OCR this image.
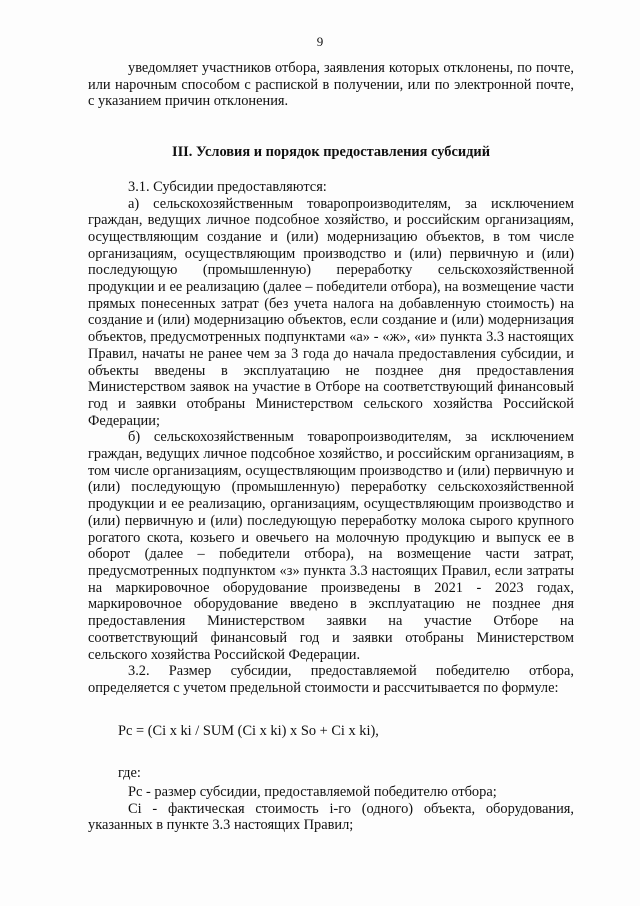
9

уведомляет участников отбора, заявления которых отклонены, по почте, или нарочным способом с распиской в получении, или по электронной почте, с указанием причин отклонения.

III. Условия и порядок предоставления субсидий

3.1. Субсидии предоставляются:

а) сельскохозяйственным товаропроизводителям, за исключением граждан, ведущих личное подсобное хозяйство, и российским организациям, осуществляющим создание и (или) модернизацию объектов, в том числе организациям, осуществляющим производство и (или) первичную и (или) последующую (промышленную) переработку сельскохозяйственной продукции и ее реализацию (далее – победители отбора), на возмещение части прямых понесенных затрат (без учета налога на добавленную стоимость) на создание и (или) модернизацию объектов, если создание и (или) модернизация объектов, предусмотренных подпунктами «а» - «ж», «и» пункта 3.3 настоящих Правил, начаты не ранее чем за 3 года до начала предоставления субсидии, и объекты введены в эксплуатацию не позднее дня предоставления Министерством заявок на участие в Отборе на соответствующий финансовый год и заявки отобраны Министерством сельского хозяйства Российской Федерации;

б) сельскохозяйственным товаропроизводителям, за исключением граждан, ведущих личное подсобное хозяйство, и российским организациям, в том числе организациям, осуществляющим производство и (или) первичную и (или) последующую (промышленную) переработку сельскохозяйственной продукции и ее реализацию, организациям, осуществляющим производство и (или) первичную и (или) последующую переработку молока сырого крупного рогатого скота, козьего и овечьего на молочную продукцию и выпуск ее в оборот (далее – победители отбора), на возмещение части затрат, предусмотренных подпунктом «з» пункта 3.3 настоящих Правил, если затраты на маркировочное оборудование произведены в 2021 - 2023 годах, маркировочное оборудование введено в эксплуатацию не позднее дня предоставления Министерством заявки на участие Отборе на соответствующий финансовый год и заявки отобраны Министерством сельского хозяйства Российской Федерации.

3.2. Размер субсидии, предоставляемой победителю отбора, определяется с учетом предельной стоимости и рассчитывается по формуле:

Pc = (Ci x ki / SUM (Ci x ki) x So + Ci x ki),

где:

Pc - размер субсидии, предоставляемой победителю отбора;

Ci - фактическая стоимость i-го (одного) объекта, оборудования, указанных в пункте 3.3 настоящих Правил;
